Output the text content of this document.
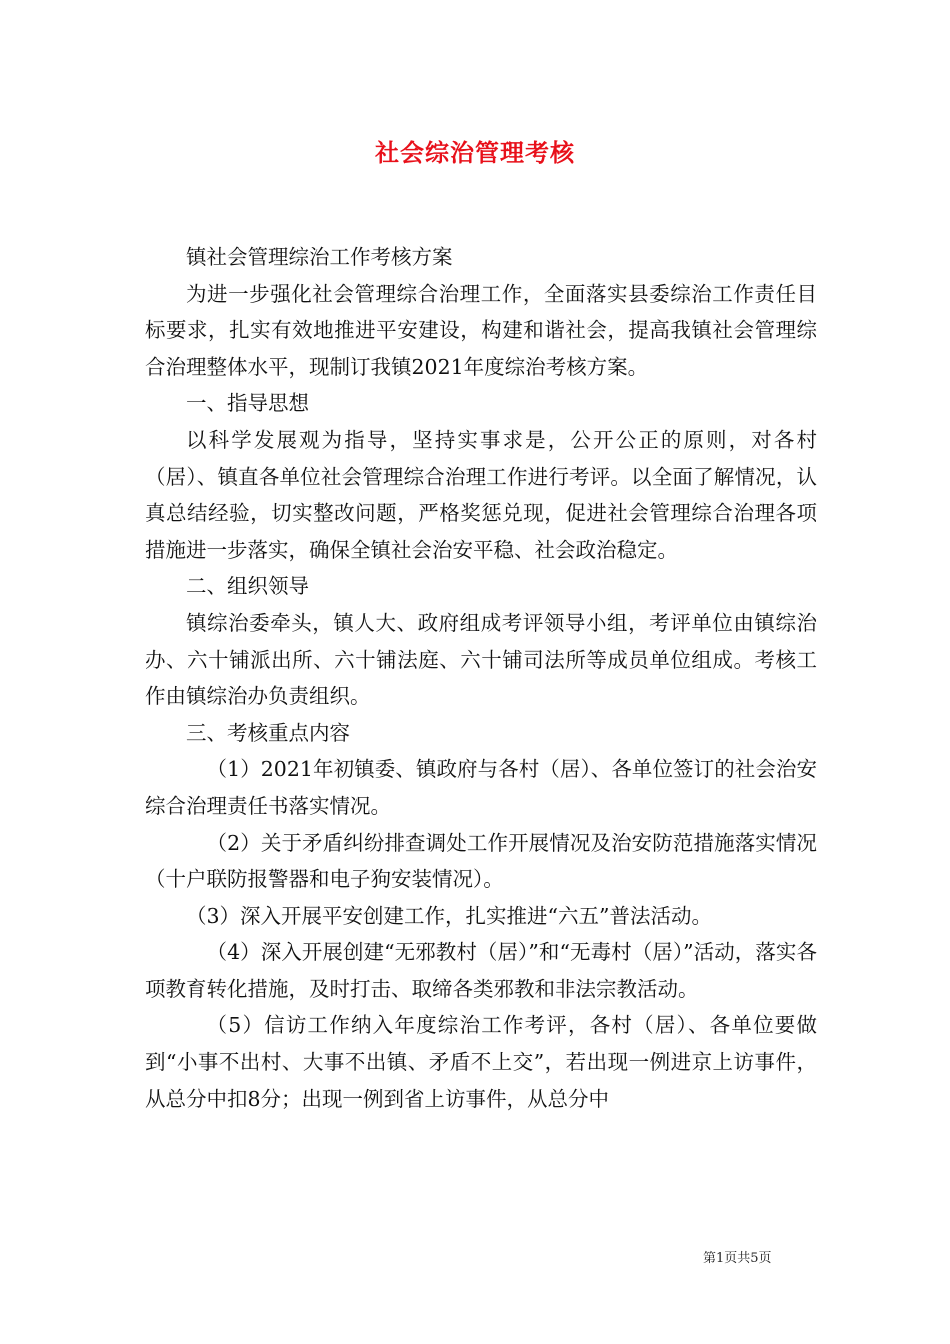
社会综治管理考核

镇社会管理综治工作考核方案

为进一步强化社会管理综合治理工作，全面落实县委综治工作责任目标要求，扎实有效地推进平安建设，构建和谐社会，提高我镇社会管理综合治理整体水平，现制订我镇2021年度综治考核方案。

一、指导思想

以科学发展观为指导，坚持实事求是，公开公正的原则，对各村（居）、镇直各单位社会管理综合治理工作进行考评。以全面了解情况，认真总结经验，切实整改问题，严格奖惩兑现，促进社会管理综合治理各项措施进一步落实，确保全镇社会治安平稳、社会政治稳定。

二、组织领导

镇综治委牵头，镇人大、政府组成考评领导小组，考评单位由镇综治办、六十铺派出所、六十铺法庭、六十铺司法所等成员单位组成。考核工作由镇综治办负责组织。

三、考核重点内容

（1）2021年初镇委、镇政府与各村（居）、各单位签订的社会治安综合治理责任书落实情况。

（2）关于矛盾纠纷排查调处工作开展情况及治安防范措施落实情况（十户联防报警器和电子狗安装情况）。

（3）深入开展平安创建工作，扎实推进“六五”普法活动。

（4）深入开展创建“无邪教村（居）”和“无毒村（居）”活动，落实各项教育转化措施，及时打击、取缔各类邪教和非法宗教活动。

（5）信访工作纳入年度综治工作考评，各村（居）、各单位要做到“小事不出村、大事不出镇、矛盾不上交”，若出现一例进京上访事件，从总分中扣8分；出现一例到省上访事件，从总分中

第1页共5页
